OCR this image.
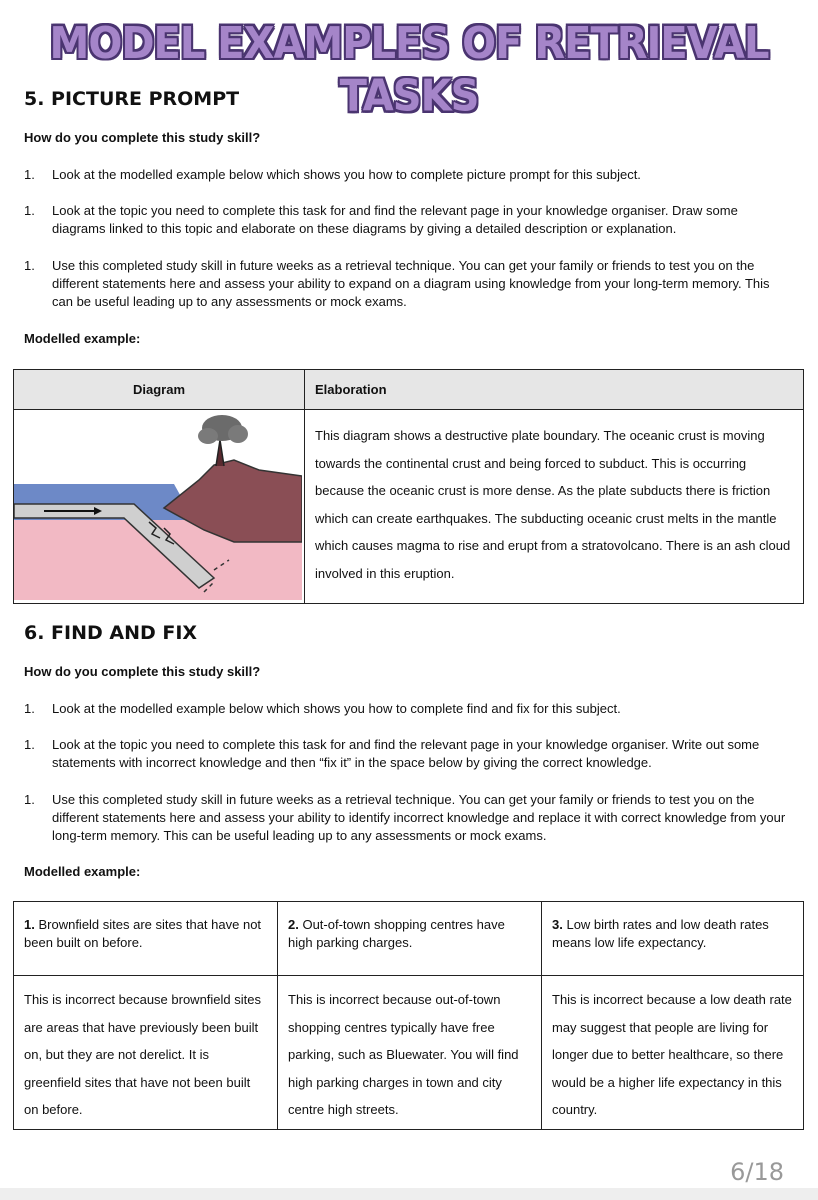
MODEL EXAMPLES OF RETRIEVAL TASKS
5. PICTURE PROMPT
How do you complete this study skill?
1. Look at the modelled example below which shows you how to complete picture prompt for this subject.
1. Look at the topic you need to complete this task for and find the relevant page in your knowledge organiser. Draw some diagrams linked to this topic and elaborate on these diagrams by giving a detailed description or explanation.
1. Use this completed study skill in future weeks as a retrieval technique. You can get your family or friends to test you on the different statements here and assess your ability to expand on a diagram using knowledge from your long-term memory. This can be useful leading up to any assessments or mock exams.
Modelled example:
Diagram	Elaboration
	This diagram shows a destructive plate boundary. The oceanic crust is moving towards the continental crust and being forced to subduct. This is occurring because the oceanic crust is more dense. As the plate subducts there is friction which can create earthquakes. The subducting oceanic crust melts in the mantle which causes magma to rise and erupt from a stratovolcano. There is an ash cloud involved in this eruption.
6. FIND AND FIX
How do you complete this study skill?
1. Look at the modelled example below which shows you how to complete find and fix for this subject.
1. Look at the topic you need to complete this task for and find the relevant page in your knowledge organiser. Write out some statements with incorrect knowledge and then “fix it” in the space below by giving the correct knowledge.
1. Use this completed study skill in future weeks as a retrieval technique. You can get your family or friends to test you on the different statements here and assess your ability to identify incorrect knowledge and replace it with correct knowledge from your long-term memory. This can be useful leading up to any assessments or mock exams.
Modelled example:
1. Brownfield sites are sites that have not been built on before.	2. Out-of-town shopping centres have high parking charges.	3. Low birth rates and low death rates means low life expectancy.
This is incorrect because brownfield sites are areas that have previously been built on, but they are not derelict. It is greenfield sites that have not been built on before.	This is incorrect because out-of-town shopping centres typically have free parking, such as Bluewater. You will find high parking charges in town and city centre high streets.	This is incorrect because a low death rate may suggest that people are living for longer due to better healthcare, so there would be a higher life expectancy in this country.
6/18
